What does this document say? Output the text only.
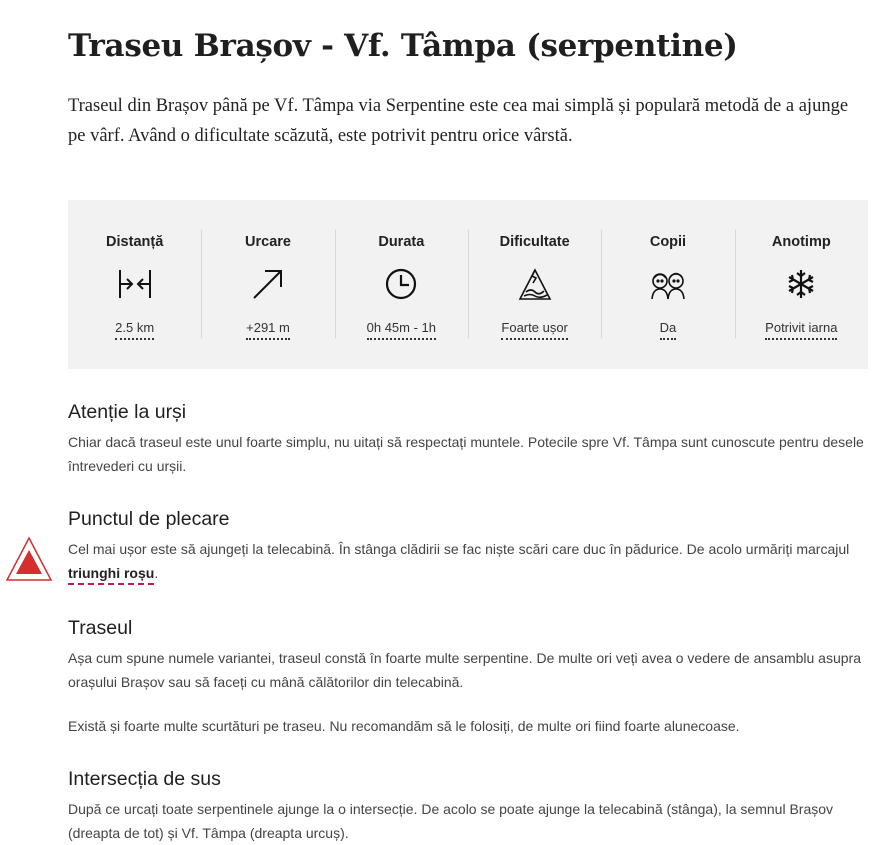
Traseu Brașov - Vf. Tâmpa (serpentine)

Traseul din Brașov până pe Vf. Tâmpa via Serpentine este cea mai simplă și populară metodă de a ajunge pe vârf. Având o dificultate scăzută, este potrivit pentru orice vârstă.

Distanță
2.5 km
Urcare
+291 m
Durata
0h 45m - 1h
Dificultate
Foarte ușor
Copii
Da
Anotimp
Potrivit iarna
Atenție la urși

Chiar dacă traseul este unul foarte simplu, nu uitați să respectați muntele. Potecile spre Vf. Tâmpa sunt cunoscute pentru desele întrevederi cu urșii.

Punctul de plecare

Cel mai ușor este să ajungeți la telecabină. În stânga clădirii se fac niște scări care duc în pădurice. De acolo urmăriți marcajul triunghi roșu.

Traseul

Așa cum spune numele variantei, traseul constă în foarte multe serpentine. De multe ori veți avea o vedere de ansamblu asupra orașului Brașov sau să faceți cu mână călătorilor din telecabină.

Există și foarte multe scurtături pe traseu. Nu recomandăm să le folosiți, de multe ori fiind foarte alunecoase.

Intersecția de sus

După ce urcați toate serpentinele ajunge la o intersecție. De acolo se poate ajunge la telecabină (stânga), la semnul Brașov (dreapta de tot) și Vf. Tâmpa (dreapta urcuș).
